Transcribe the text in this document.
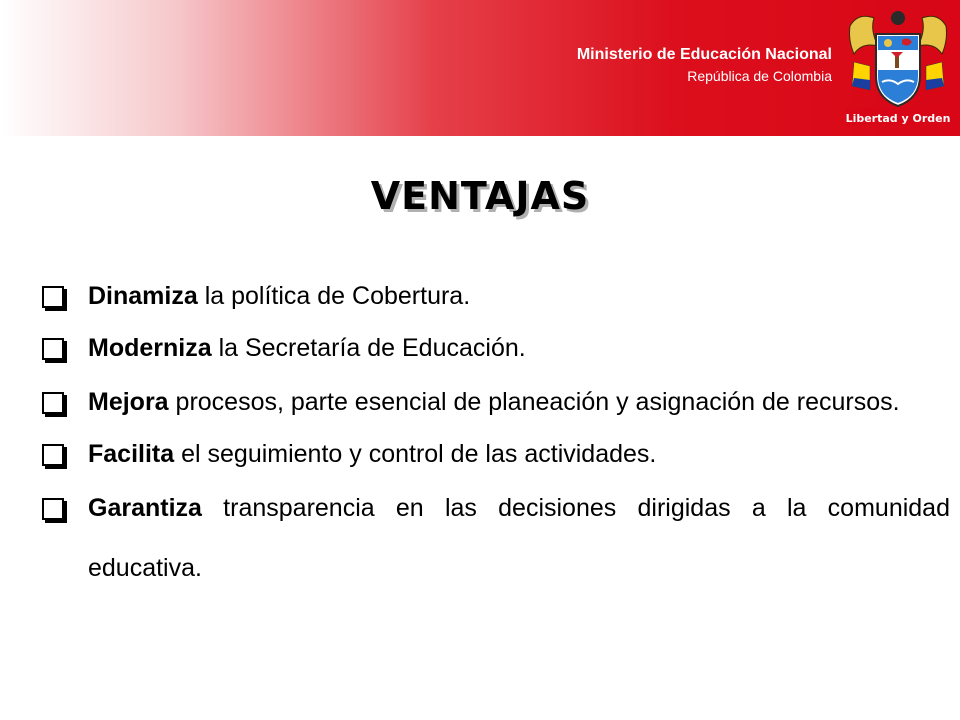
Ministerio de Educación Nacional
República de Colombia
Libertad y Orden
VENTAJAS
Dinamiza la política de Cobertura.
Moderniza la Secretaría de Educación.
Mejora procesos, parte esencial de planeación y asignación de recursos.
Facilita el seguimiento y control de las actividades.
Garantiza transparencia en las decisiones dirigidas a la comunidad educativa.
